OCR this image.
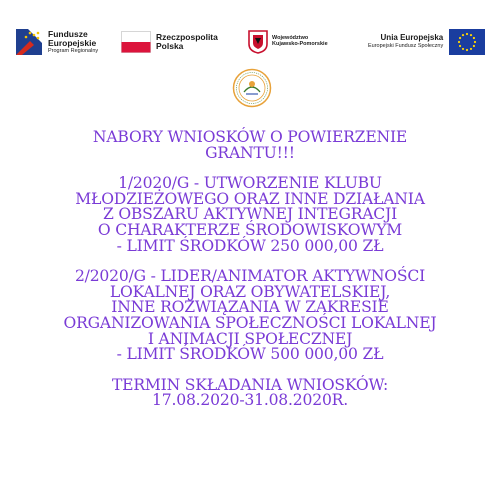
Fundusze
Europejskie
Program Regionalny
Rzeczpospolita
Polska
Województwo
Kujawsko-Pomorskie
Unia Europejska
Europejski Fundusz Społeczny
NABORY WNIOSKÓW O POWIERZENIE
GRANTU!!!
1/2020/G - UTWORZENIE KLUBU
MŁODZIEŻOWEGO ORAZ INNE DZIAŁANIA
Z OBSZARU AKTYWNEJ INTEGRACJI
O CHARAKTERZE ŚRODOWISKOWYM
- LIMIT ŚRODKÓW 250 000,00 ZŁ
2/2020/G - LIDER/ANIMATOR AKTYWNOŚCI
LOKALNEJ ORAZ OBYWATELSKIEJ,
INNE ROZWIĄZANIA W ZAKRESIE
ORGANIZOWANIA SPOŁECZNOŚCI LOKALNEJ
I ANIMACJI SPOŁECZNEJ
- LIMIT ŚRODKÓW 500 000,00 ZŁ
TERMIN SKŁADANIA WNIOSKÓW:
17.08.2020-31.08.2020R.
